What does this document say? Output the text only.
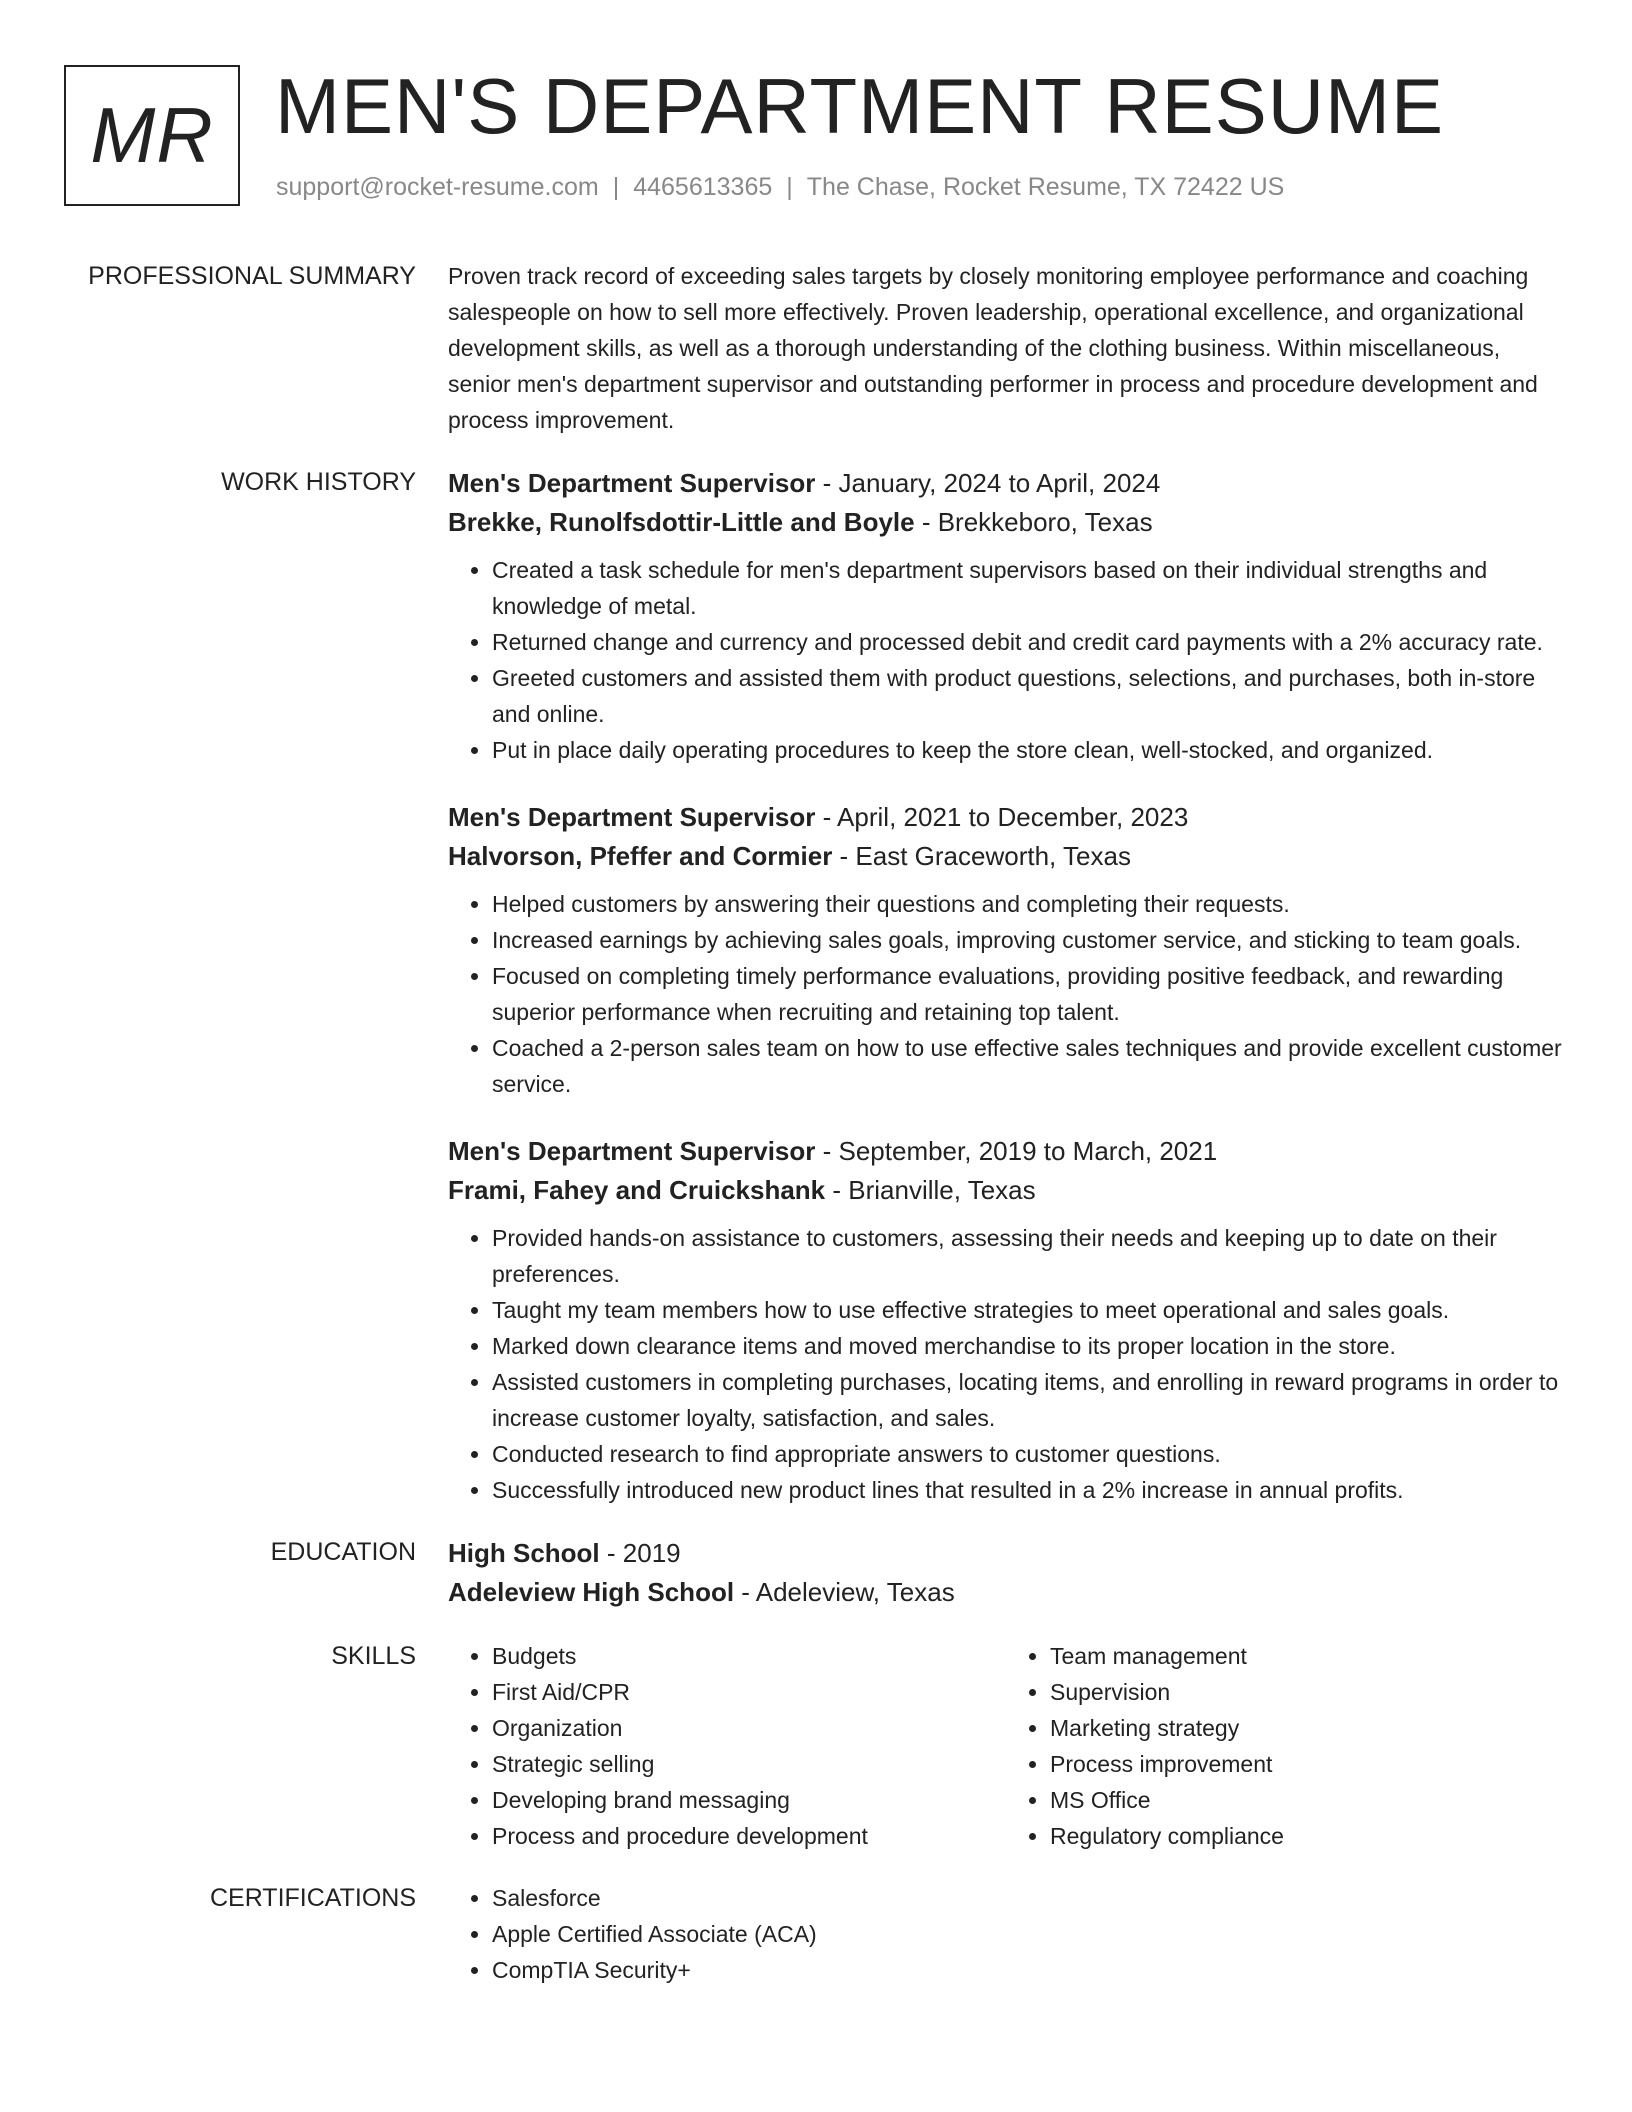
MR MEN'S DEPARTMENT RESUME
support@rocket-resume.com | 4465613365 | The Chase, Rocket Resume, TX 72422 US
PROFESSIONAL SUMMARY Proven track record of exceeding sales targets by closely monitoring employee performance and coaching salespeople on how to sell more effectively. Proven leadership, operational excellence, and organizational development skills, as well as a thorough understanding of the clothing business. Within miscellaneous, senior men's department supervisor and outstanding performer in process and procedure development and process improvement.

WORK HISTORY Men's Department Supervisor - January, 2024 to April, 2024
Brekke, Runolfsdottir-Little and Boyle - Brekkeboro, Texas
• Created a task schedule for men's department supervisors based on their individual strengths and knowledge of metal.
• Returned change and currency and processed debit and credit card payments with a 2% accuracy rate.
• Greeted customers and assisted them with product questions, selections, and purchases, both in-store and online.
• Put in place daily operating procedures to keep the store clean, well-stocked, and organized.
Men's Department Supervisor - April, 2021 to December, 2023
Halvorson, Pfeffer and Cormier - East Graceworth, Texas
• Helped customers by answering their questions and completing their requests.
• Increased earnings by achieving sales goals, improving customer service, and sticking to team goals.
• Focused on completing timely performance evaluations, providing positive feedback, and rewarding superior performance when recruiting and retaining top talent.
• Coached a 2-person sales team on how to use effective sales techniques and provide excellent customer service.
Men's Department Supervisor - September, 2019 to March, 2021
Frami, Fahey and Cruickshank - Brianville, Texas
• Provided hands-on assistance to customers, assessing their needs and keeping up to date on their preferences.
• Taught my team members how to use effective strategies to meet operational and sales goals.
• Marked down clearance items and moved merchandise to its proper location in the store.
• Assisted customers in completing purchases, locating items, and enrolling in reward programs in order to increase customer loyalty, satisfaction, and sales.
• Conducted research to find appropriate answers to customer questions.
• Successfully introduced new product lines that resulted in a 2% increase in annual profits.
EDUCATION High School - 2019
Adeleview High School - Adeleview, Texas
SKILLS	• Budgets
• First Aid/CPR
• Organization
• Strategic selling
• Developing brand messaging
• Process and procedure development
• Team management
• Supervision
• Marketing strategy
• Process improvement
• MS Office
• Regulatory compliance
CERTIFICATIONS	• Salesforce
• Apple Certified Associate (ACA)
• CompTIA Security+
